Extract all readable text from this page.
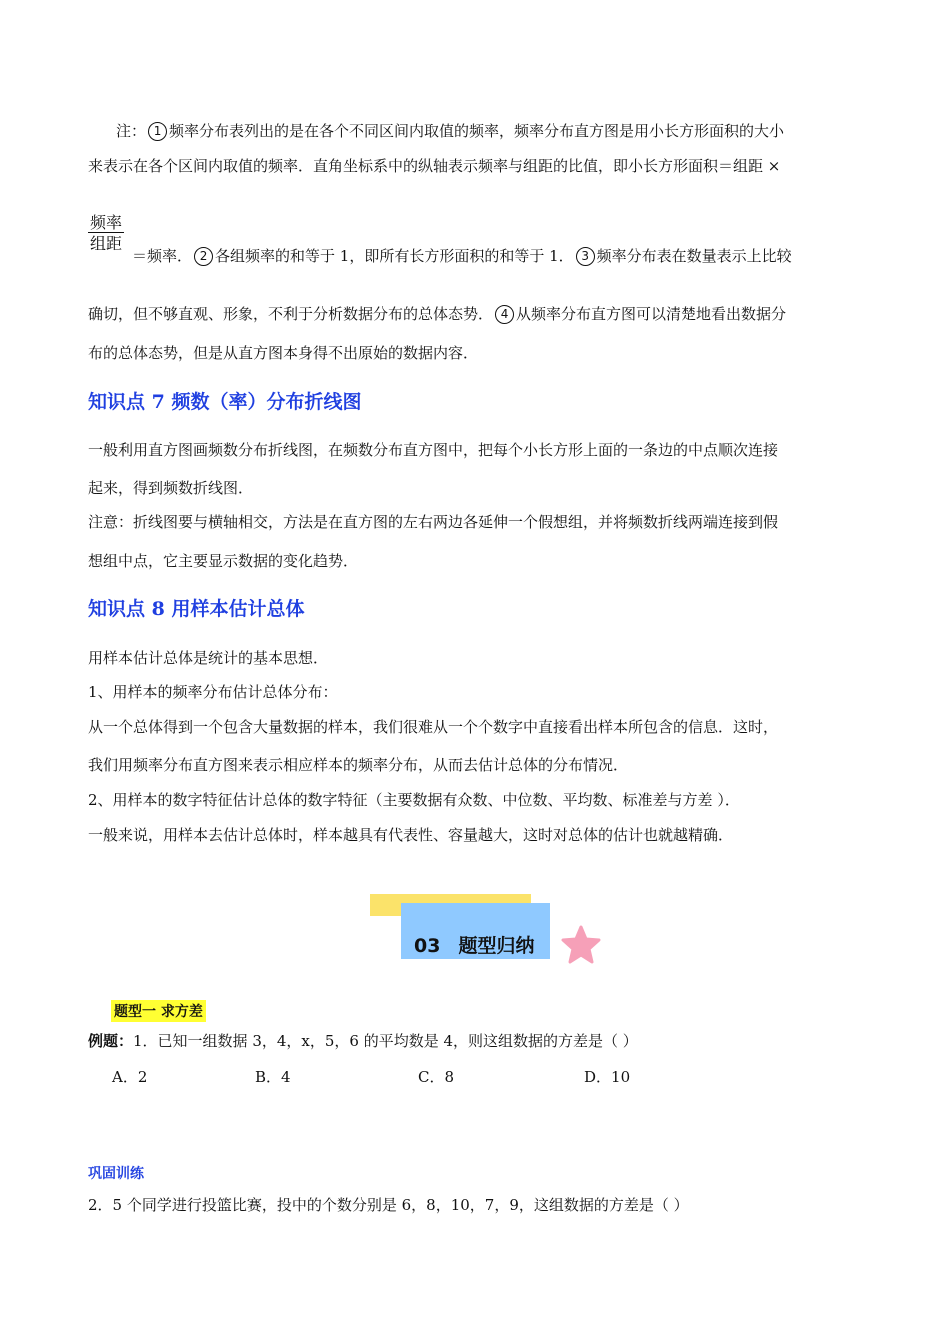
注： 1 频率分布表列出的是在各个不同区间内取值的频率，频率分布直方图是用小长方形面积的大小
来表示在各个区间内取值的频率．直角坐标系中的纵轴表示频率与组距的比值，即小长方形面积＝组距 ×
频率
组距
＝频率． 2 各组频率的和等于 1，即所有长方形面积的和等于 1． 3 频率分布表在数量表示上比较
确切，但不够直观、形象，不利于分析数据分布的总体态势． 4 从频率分布直方图可以清楚地看出数据分
布的总体态势，但是从直方图本身得不出原始的数据内容．
知识点 7 频数（率）分布折线图
一般利用直方图画频数分布折线图，在频数分布直方图中，把每个小长方形上面的一条边的中点顺次连接
起来，得到频数折线图．
注意：折线图要与横轴相交，方法是在直方图的左右两边各延伸一个假想组，并将频数折线两端连接到假
想组中点，它主要显示数据的变化趋势．
知识点 8 用样本估计总体
用样本估计总体是统计的基本思想．
1、用样本的频率分布估计总体分布：
从一个总体得到一个包含大量数据的样本，我们很难从一个个数字中直接看出样本所包含的信息．这时，
我们用频率分布直方图来表示相应样本的频率分布，从而去估计总体的分布情况．
2、用样本的数字特征估计总体的数字特征（主要数据有众数、中位数、平均数、标准差与方差 ）．
一般来说，用样本去估计总体时，样本越具有代表性、容量越大，这时对总体的估计也就越精确．
03 题型归纳
题型一 求方差
例题：1．已知一组数据 3，4，x，5，6 的平均数是 4，则这组数据的方差是（ ）
A．2	B．4	C．8	D．10
巩固训练
2．5 个同学进行投篮比赛，投中的个数分别是 6，8，10，7，9，这组数据的方差是（ ）
